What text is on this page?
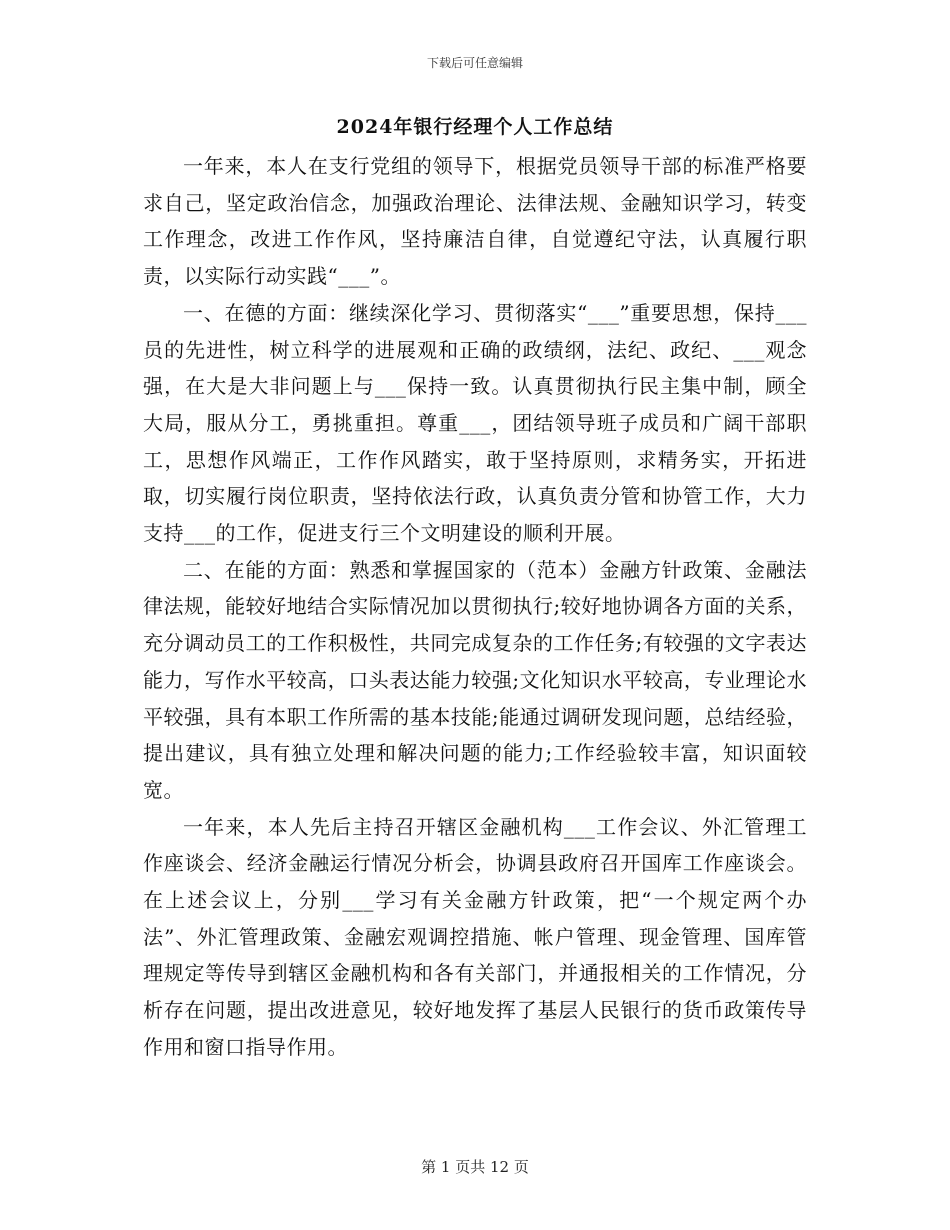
下载后可任意编辑
2024年银行经理个人工作总结

一年来，本人在支行党组的领导下，根据党员领导干部的标准严格要求自己，坚定政治信念，加强政治理论、法律法规、金融知识学习，转变工作理念，改进工作作风，坚持廉洁自律，自觉遵纪守法，认真履行职责，以实际行动实践“___”。

一、在德的方面：继续深化学习、贯彻落实“___”重要思想，保持___员的先进性，树立科学的进展观和正确的政绩纲，法纪、政纪、___观念强，在大是大非问题上与___保持一致。认真贯彻执行民主集中制，顾全大局，服从分工，勇挑重担。尊重___，团结领导班子成员和广阔干部职工，思想作风端正，工作作风踏实，敢于坚持原则，求精务实，开拓进取，切实履行岗位职责，坚持依法行政，认真负责分管和协管工作，大力支持___的工作，促进支行三个文明建设的顺利开展。

二、在能的方面：熟悉和掌握国家的（范本）金融方针政策、金融法律法规，能较好地结合实际情况加以贯彻执行;较好地协调各方面的关系，充分调动员工的工作积极性，共同完成复杂的工作任务;有较强的文字表达能力，写作水平较高，口头表达能力较强;文化知识水平较高，专业理论水平较强，具有本职工作所需的基本技能;能通过调研发现问题，总结经验，提出建议，具有独立处理和解决问题的能力;工作经验较丰富，知识面较宽。

一年来，本人先后主持召开辖区金融机构___工作会议、外汇管理工作座谈会、经济金融运行情况分析会，协调县政府召开国库工作座谈会。在上述会议上，分别___学习有关金融方针政策，把“一个规定两个办法”、外汇管理政策、金融宏观调控措施、帐户管理、现金管理、国库管理规定等传导到辖区金融机构和各有关部门，并通报相关的工作情况，分析存在问题，提出改进意见，较好地发挥了基层人民银行的货币政策传导作用和窗口指导作用。

第 1 页共 12 页
